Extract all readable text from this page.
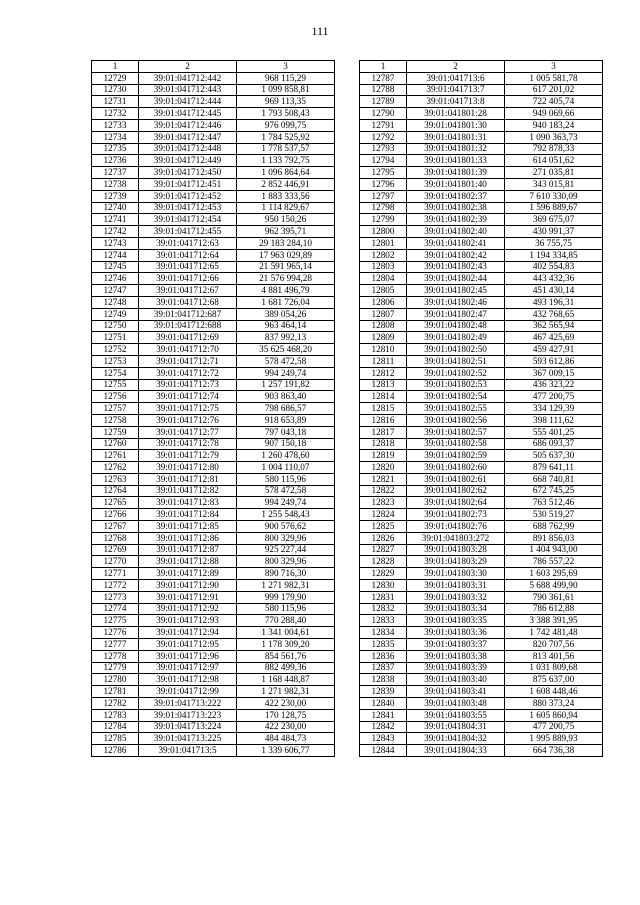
111
1	2	3
12729	39:01:041712:442	968 115,29
12730	39:01:041712:443	1 099 858,81
12731	39:01:041712:444	969 113,35
12732	39:01:041712:445	1 793 508,43
12733	39:01:041712:446	976 099,75
12734	39:01:041712:447	1 784 525,92
12735	39:01:041712:448	1 778 537,57
12736	39:01:041712:449	1 133 792,75
12737	39:01:041712:450	1 096 864,64
12738	39:01:041712:451	2 852 446,91
12739	39:01:041712:452	1 883 333,56
12740	39:01:041712:453	1 114 829,67
12741	39:01:041712:454	950 150,26
12742	39:01:041712:455	962 395,71
12743	39:01:041712:63	29 183 284,10
12744	39:01:041712:64	17 963 029,89
12745	39:01:041712:65	21 591 965,14
12746	39:01:041712:66	21 576 994,28
12747	39:01:041712:67	4 881 496,79
12748	39:01:041712:68	1 681 726,04
12749	39:01:041712:687	389 054,26
12750	39:01:041712:688	963 464,14
12751	39:01:041712:69	837 992,13
12752	39:01:041712:70	35 625 468,20
12753	39:01:041712:71	578 472,58
12754	39:01:041712:72	994 249,74
12755	39:01:041712:73	1 257 191,82
12756	39:01:041712:74	903 863,40
12757	39:01:041712:75	798 686,57
12758	39:01:041712:76	918 653,89
12759	39:01:041712:77	797 043,18
12760	39:01:041712:78	907 150,18
12761	39:01:041712:79	1 260 478,60
12762	39:01:041712:80	1 004 110,07
12763	39:01:041712:81	580 115,96
12764	39:01:041712:82	578 472,58
12765	39:01:041712:83	994 249,74
12766	39:01:041712:84	1 255 548,43
12767	39:01:041712:85	900 576,62
12768	39:01:041712:86	800 329,96
12769	39:01:041712:87	925 227,44
12770	39:01:041712:88	800 329,96
12771	39:01:041712:89	890 716,30
12772	39:01:041712:90	1 271 982,31
12773	39:01:041712:91	999 179,90
12774	39:01:041712:92	580 115,96
12775	39:01:041712:93	770 288,40
12776	39:01:041712:94	1 341 004,61
12777	39:01:041712:95	1 178 309,20
12778	39:01:041712:96	854 561,76
12779	39:01:041712:97	882 499,36
12780	39:01:041712:98	1 168 448,87
12781	39:01:041712:99	1 271 982,31
12782	39:01:041713:222	422 230,00
12783	39:01:041713:223	170 128,75
12784	39:01:041713:224	422 230,00
12785	39:01:041713:225	484 484,73
12786	39:01:041713:5	1 339 606,77
1	2	3
12787	39:01:041713:6	1 005 581,78
12788	39:01:041713:7	617 201,02
12789	39:01:041713:8	722 405,74
12790	39:01:041801:28	949 069,66
12791	39:01:041801:30	940 183,24
12792	39:01:041801:31	1 090 363,73
12793	39:01:041801:32	792 878,33
12794	39:01:041801:33	614 051,62
12795	39:01:041801:39	271 035,81
12796	39:01:041801:40	343 015,81
12797	39:01:041802:37	7 610 330,09
12798	39:01:041802:38	1 596 889,67
12799	39:01:041802:39	369 675,07
12800	39:01:041802:40	430 991,37
12801	39:01:041802:41	36 755,75
12802	39:01:041802:42	1 194 334,85
12803	39:01:041802:43	402 554,83
12804	39:01:041802:44	443 432,36
12805	39:01:041802:45	451 430,14
12806	39:01:041802:46	493 196,31
12807	39:01:041802:47	432 768,65
12808	39:01:041802:48	362 565,94
12809	39:01:041802:49	467 425,69
12810	39:01:041802:50	459 427,91
12811	39:01:041802:51	593 612,86
12812	39:01:041802:52	367 009,15
12813	39:01:041802:53	436 323,22
12814	39:01:041802:54	477 200,75
12815	39:01:041802:55	334 129,39
12816	39:01:041802:56	398 111,62
12817	39:01:041802:57	555 401,25
12818	39:01:041802:58	686 093,37
12819	39:01:041802:59	505 637,30
12820	39:01:041802:60	879 641,11
12821	39:01:041802:61	668 740,81
12822	39:01:041802:62	672 745,25
12823	39:01:041802:64	763 512,46
12824	39:01:041802:73	530 519,27
12825	39:01:041802:76	688 762,99
12826	39:01:041803:272	891 856,03
12827	39:01:041803:28	1 404 943,00
12828	39:01:041803:29	786 557,22
12829	39:01:041803:30	1 603 295,69
12830	39:01:041803:31	5 688 499,90
12831	39:01:041803:32	790 361,61
12832	39:01:041803:34	786 612,88
12833	39:01:041803:35	3 388 391,95
12834	39:01:041803:36	1 742 481,48
12835	39:01:041803:37	820 707,56
12836	39:01:041803:38	813 401,56
12837	39:01:041803:39	1 031 809,68
12838	39:01:041803:40	875 637,00
12839	39:01:041803:41	1 608 448,46
12840	39:01:041803:48	880 373,24
12841	39:01:041803:55	1 605 860,94
12842	39:01:041804:31	477 200,75
12843	39:01:041804:32	1 995 889,93
12844	39:01:041804:33	664 736,38
